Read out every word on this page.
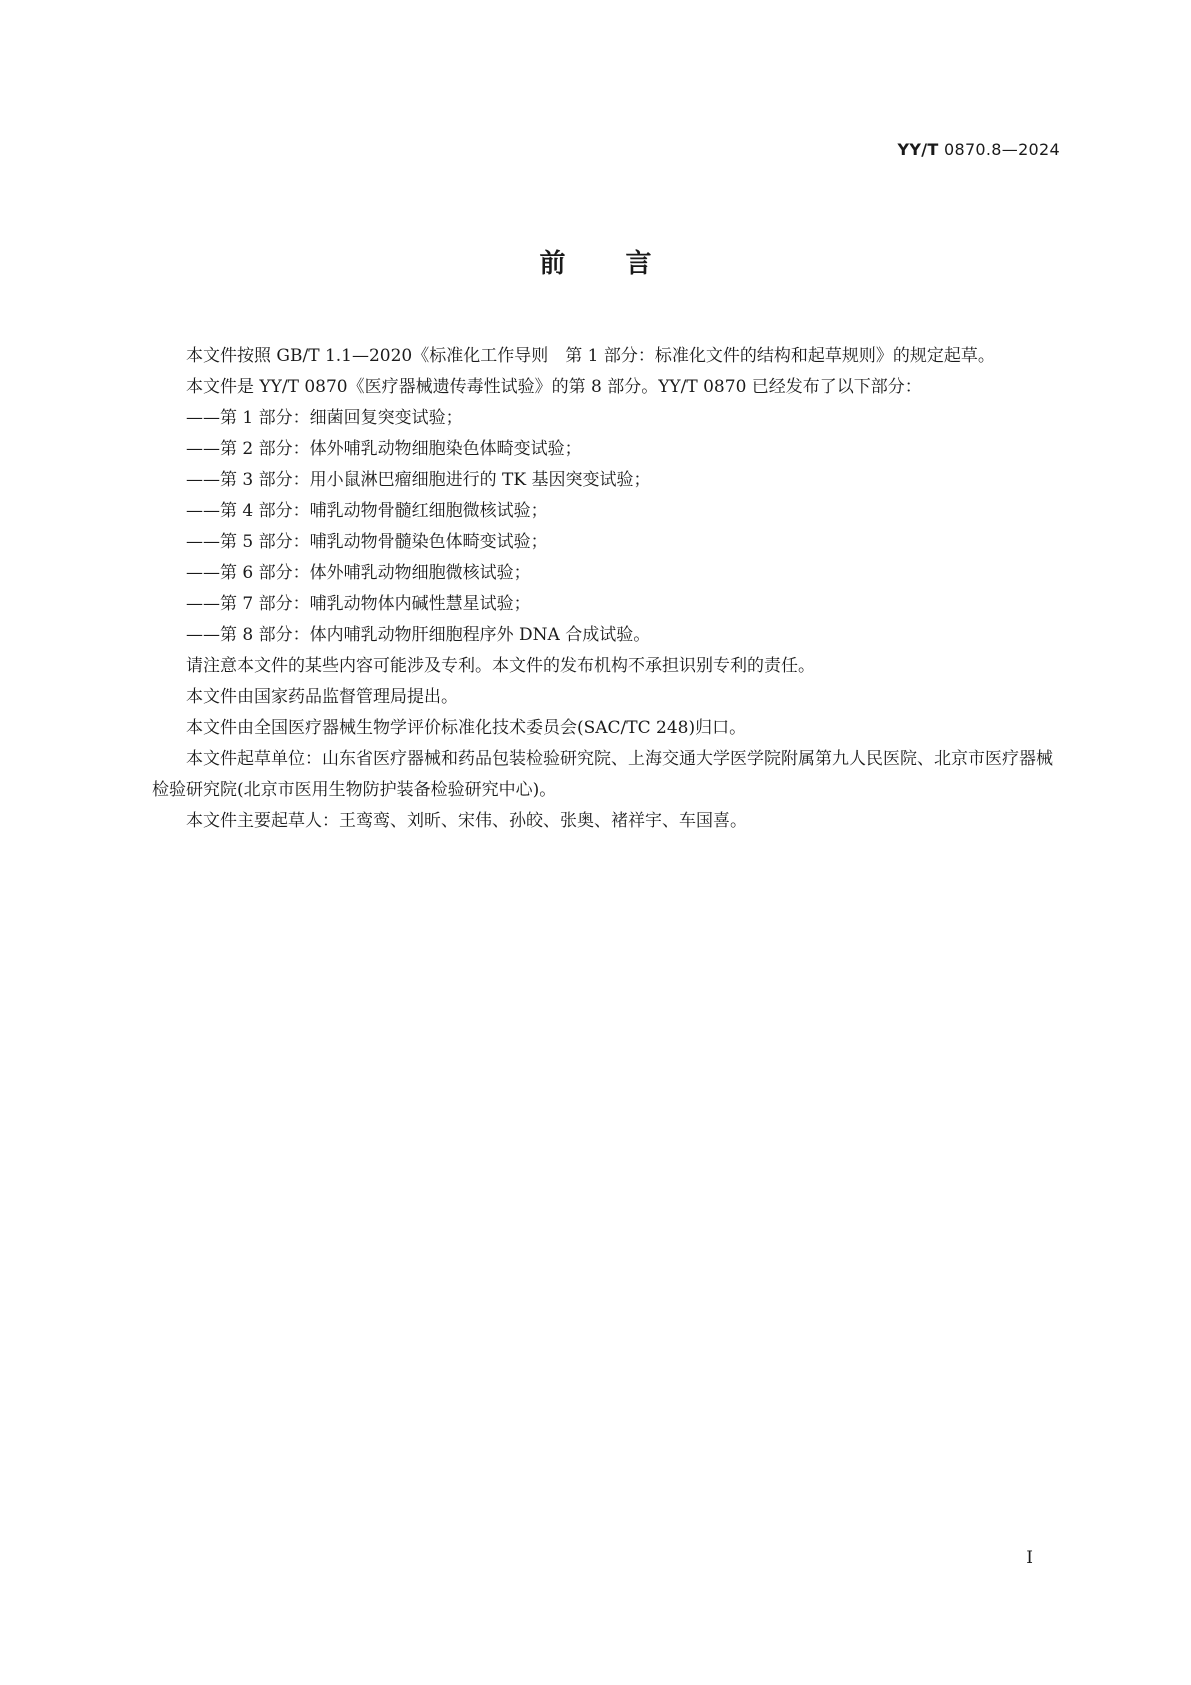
YY/T 0870.8—2024
前言

本文件按照 GB/T 1.1—2020《标准化工作导则　第 1 部分：标准化文件的结构和起草规则》的规定起草。

本文件是 YY/T 0870《医疗器械遗传毒性试验》的第 8 部分。YY/T 0870 已经发布了以下部分：

——第 1 部分：细菌回复突变试验；

——第 2 部分：体外哺乳动物细胞染色体畸变试验；

——第 3 部分：用小鼠淋巴瘤细胞进行的 TK 基因突变试验；

——第 4 部分：哺乳动物骨髓红细胞微核试验；

——第 5 部分：哺乳动物骨髓染色体畸变试验；

——第 6 部分：体外哺乳动物细胞微核试验；

——第 7 部分：哺乳动物体内碱性慧星试验；

——第 8 部分：体内哺乳动物肝细胞程序外 DNA 合成试验。

请注意本文件的某些内容可能涉及专利。本文件的发布机构不承担识别专利的责任。

本文件由国家药品监督管理局提出。

本文件由全国医疗器械生物学评价标准化技术委员会(SAC/TC 248)归口。

本文件起草单位：山东省医疗器械和药品包装检验研究院、上海交通大学医学院附属第九人民医院、北京市医疗器械检验研究院(北京市医用生物防护装备检验研究中心)。

本文件主要起草人：王鸾鸾、刘昕、宋伟、孙皎、张奥、褚祥宇、车国喜。

I
